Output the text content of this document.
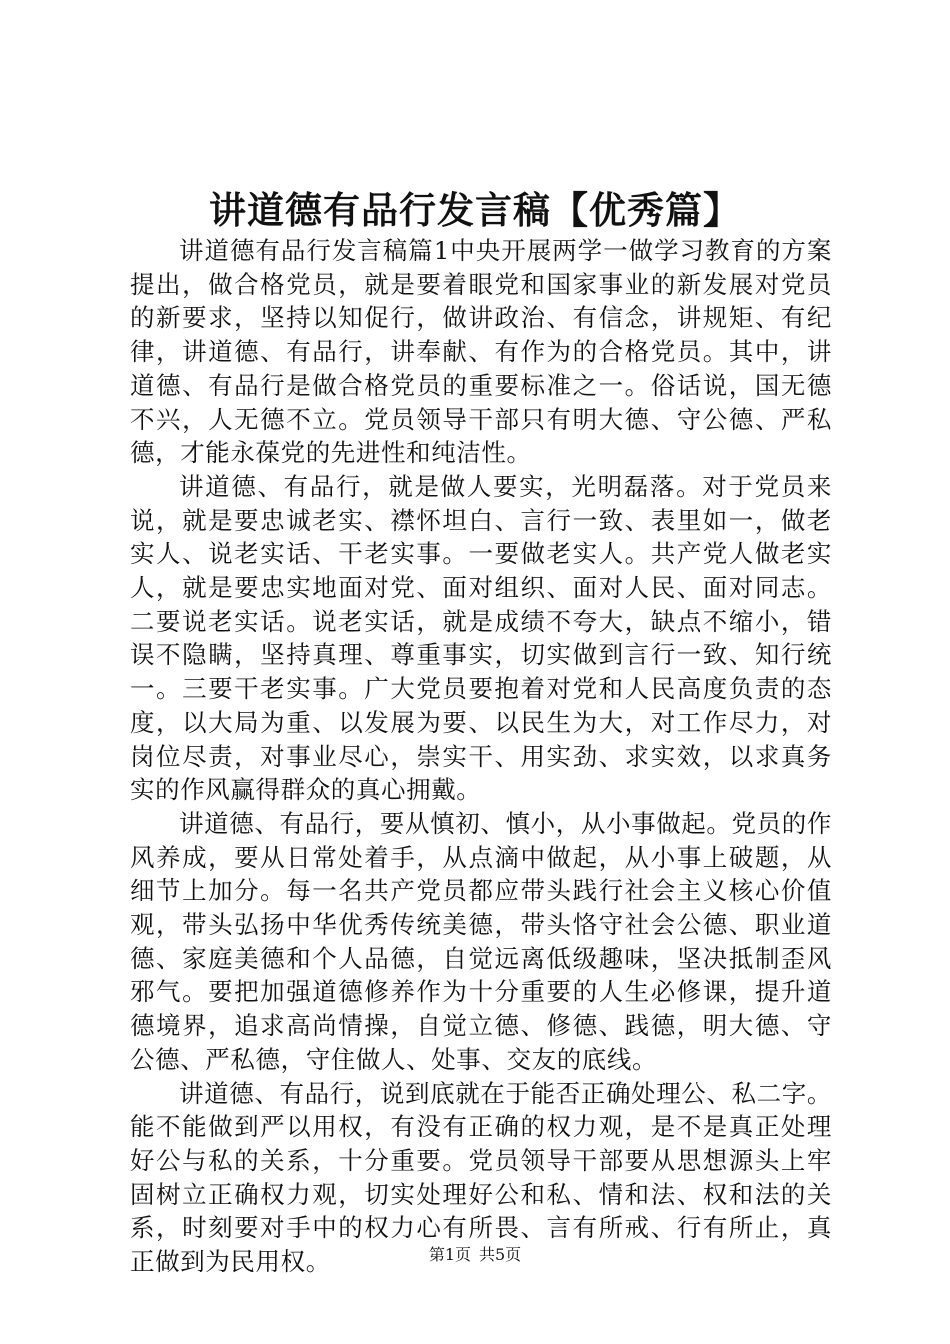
讲道德有品行发言稿【优秀篇】

讲道德有品行发言稿篇1中央开展两学一做学习教育的方案提出，做合格党员，就是要着眼党和国家事业的新发展对党员的新要求，坚持以知促行，做讲政治、有信念，讲规矩、有纪律，讲道德、有品行，讲奉献、有作为的合格党员。其中，讲道德、有品行是做合格党员的重要标准之一。俗话说，国无德不兴，人无德不立。党员领导干部只有明大德、守公德、严私德，才能永葆党的先进性和纯洁性。

讲道德、有品行，就是做人要实，光明磊落。对于党员来说，就是要忠诚老实、襟怀坦白、言行一致、表里如一，做老实人、说老实话、干老实事。一要做老实人。共产党人做老实人，就是要忠实地面对党、面对组织、面对人民、面对同志。二要说老实话。说老实话，就是成绩不夸大，缺点不缩小，错误不隐瞒，坚持真理、尊重事实，切实做到言行一致、知行统一。三要干老实事。广大党员要抱着对党和人民高度负责的态度，以大局为重、以发展为要、以民生为大，对工作尽力，对岗位尽责，对事业尽心，崇实干、用实劲、求实效，以求真务实的作风赢得群众的真心拥戴。

讲道德、有品行，要从慎初、慎小，从小事做起。党员的作风养成，要从日常处着手，从点滴中做起，从小事上破题，从细节上加分。每一名共产党员都应带头践行社会主义核心价值观，带头弘扬中华优秀传统美德，带头恪守社会公德、职业道德、家庭美德和个人品德，自觉远离低级趣味，坚决抵制歪风邪气。要把加强道德修养作为十分重要的人生必修课，提升道德境界，追求高尚情操，自觉立德、修德、践德，明大德、守公德、严私德，守住做人、处事、交友的底线。

讲道德、有品行，说到底就在于能否正确处理公、私二字。能不能做到严以用权，有没有正确的权力观，是不是真正处理好公与私的关系，十分重要。党员领导干部要从思想源头上牢固树立正确权力观，切实处理好公和私、情和法、权和法的关系，时刻要对手中的权力心有所畏、言有所戒、行有所止，真正做到为民用权。	第1页 共5页
